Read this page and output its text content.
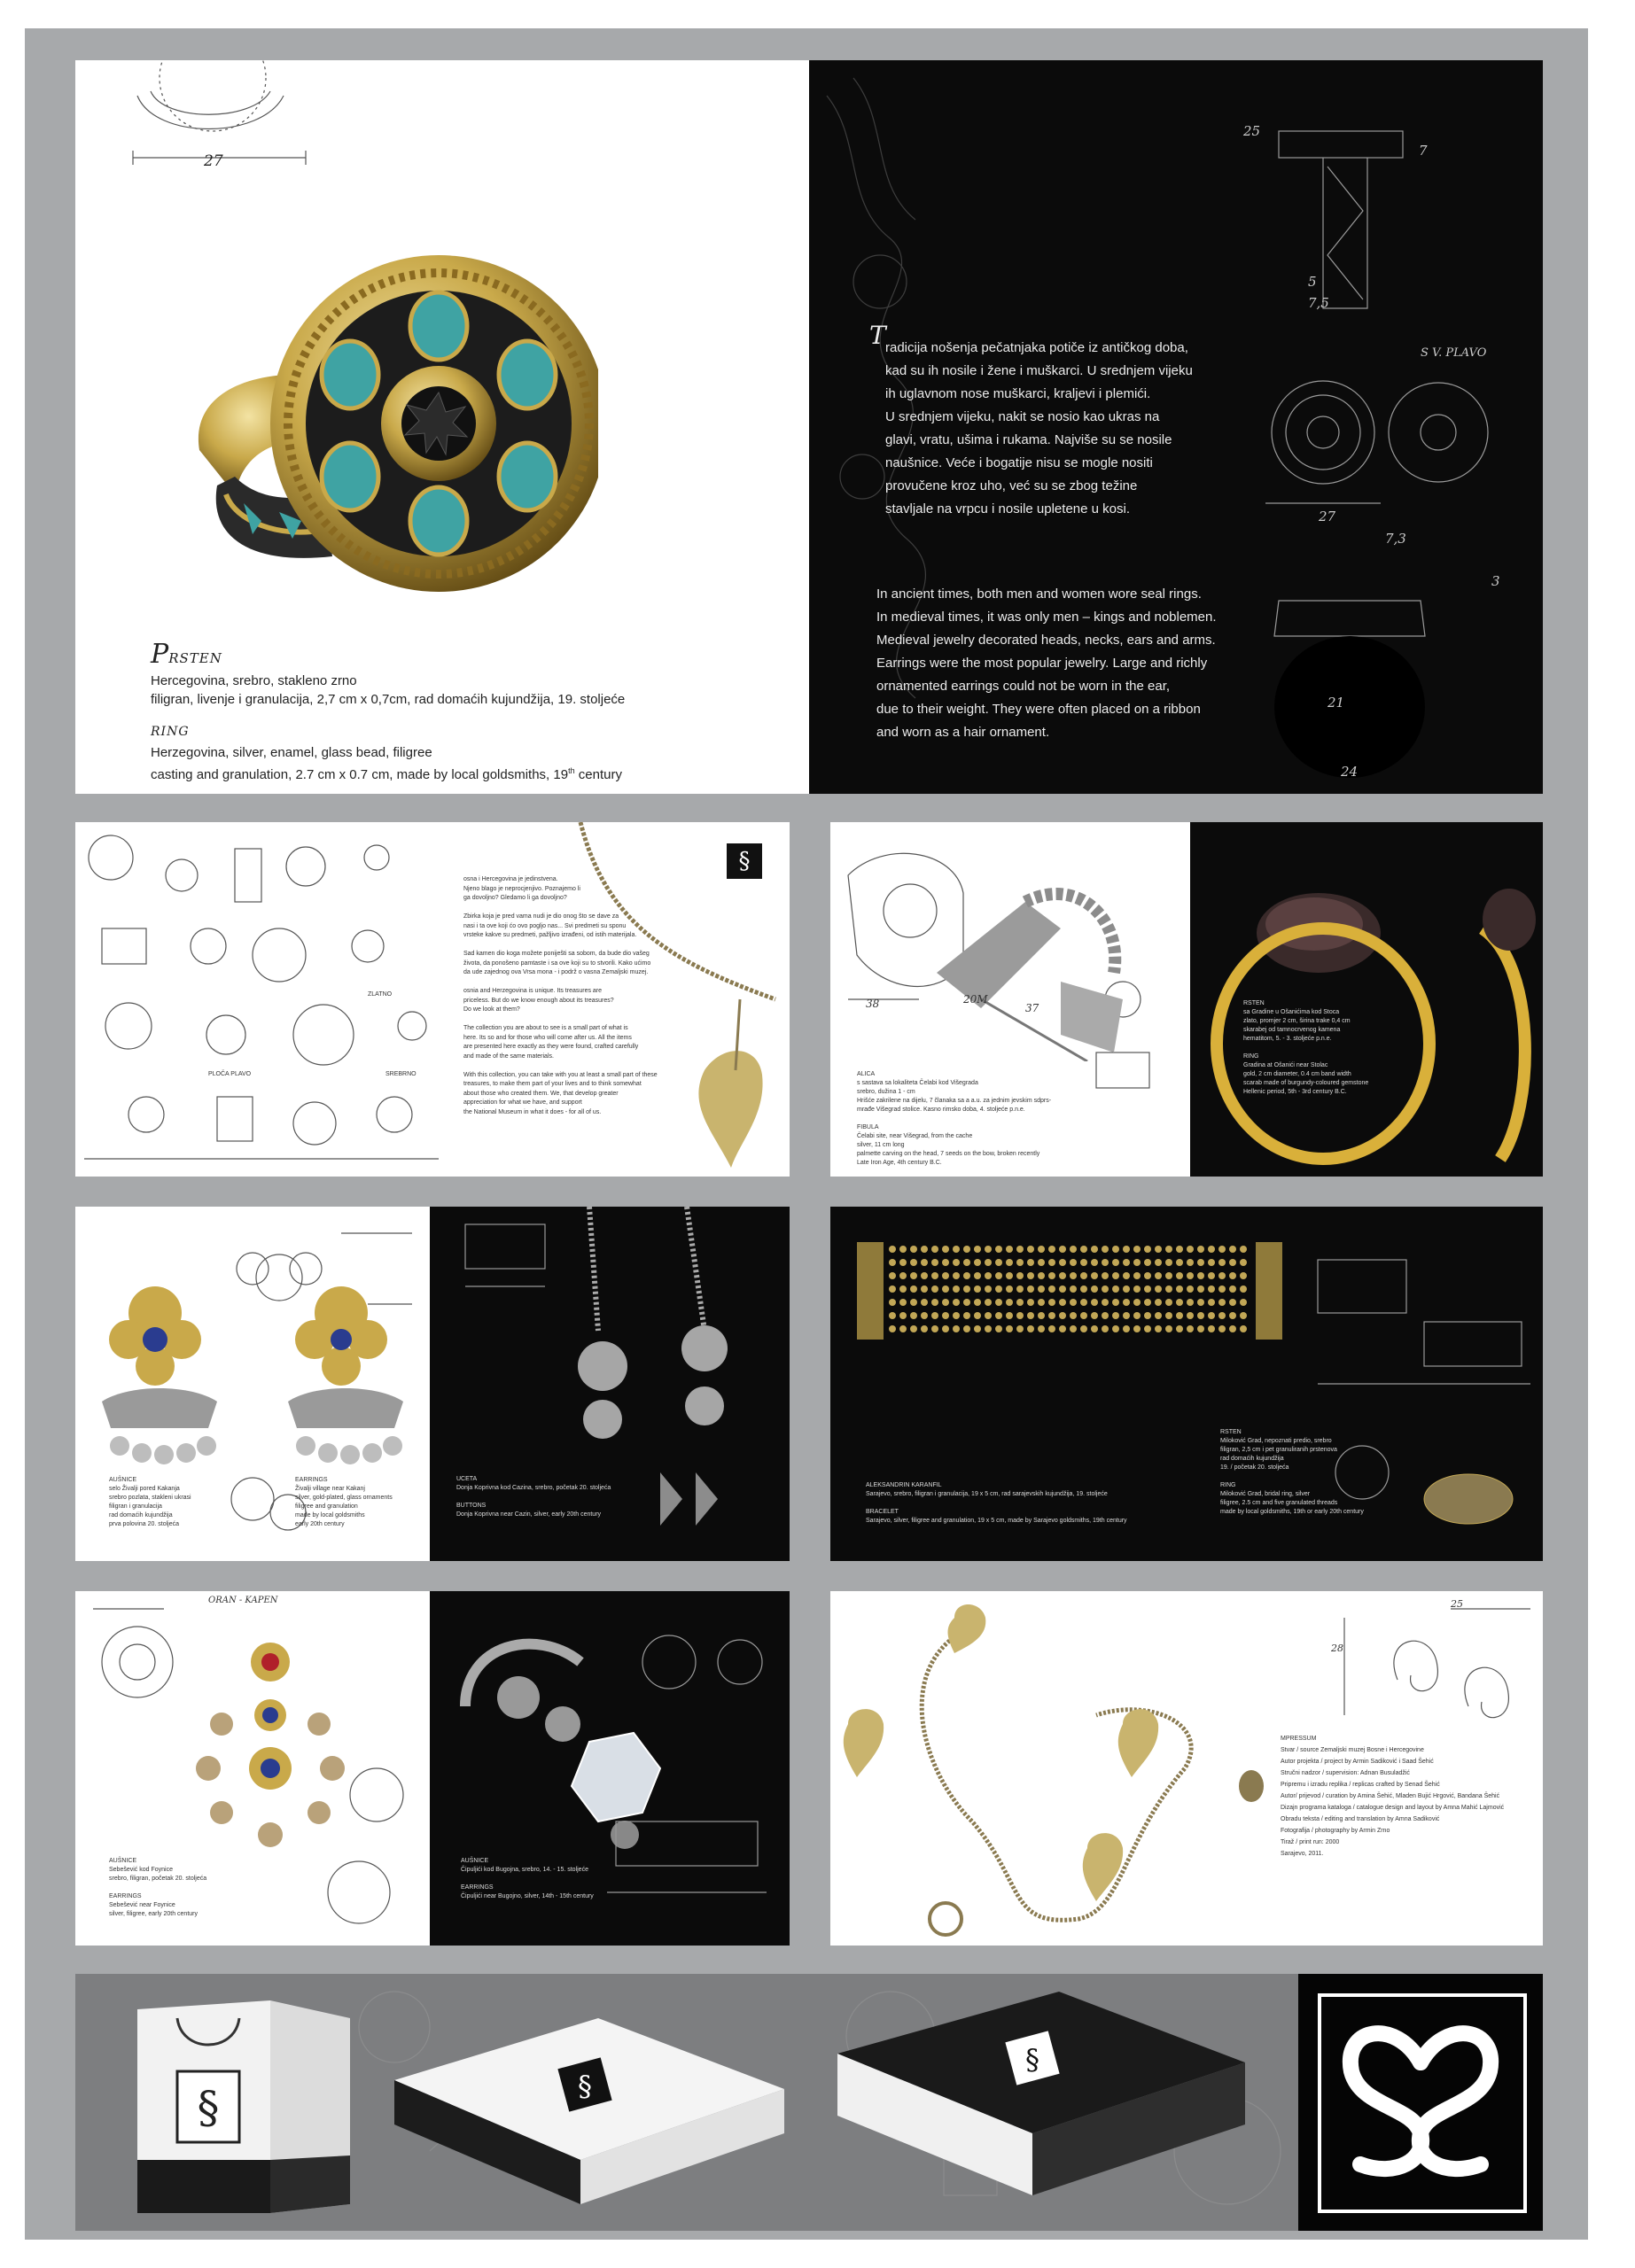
27
PRSTEN
Hercegovina, srebro, stakleno zrno
filigran, livenje i granulacija, 2,7 cm x 0,7cm, rad domaćih kujundžija, 19. stoljeće
RING
Herzegovina, silver, enamel, glass bead, filigree
casting and granulation, 2.7 cm x 0.7 cm, made by local goldsmiths, 19th century
T radicija nošenja pečatnjaka potiče iz antičkog doba,
kad su ih nosile i žene i muškarci. U srednjem vijeku
ih uglavnom nose muškarci, kraljevi i plemići.
U srednjem vijeku, nakit se nosio kao ukras na
glavi, vratu, ušima i rukama. Najviše su se nosile
naušnice. Veće i bogatije nisu se mogle nositi
provučene kroz uho, već su se zbog težine
stavljale na vrpcu i nosile upletene u kosi.
In ancient times, both men and women wore seal rings.
In medieval times, it was only men – kings and noblemen.
Medieval jewelry decorated heads, necks, ears and arms.
Earrings were the most popular jewelry. Large and richly
ornamented earrings could not be worn in the ear,
due to their weight. They were often placed on a ribbon
and worn as a hair ornament.
25
7
5
7,5
S V. PLAVO
27
7,3
3
21
24
PLOČA PLAVO
ZLATNO
SREBRNO
osna i Hercegovina je jedinstvena.
Njeno blago je neprocjenjivo. Poznajemo li
ga dovoljno? Gledamo li ga dovoljno?
Zbirka koja je pred vama nudi je dio onog što se dave za
nasi i ta ove koji ćo ovo pogljo nas... Svi predmeti su sponu
vrsteke kakve su predmeti, pažljivo izrađeni, od istih materijala.
Sad kamen dio koga možete poniješti sa sobom, da bude dio vašeg
života, da ponošeno pamtaste i sa ove koji su to stvorili. Kako ućimo
da ude zajednog ova Vrsa mona - i podrž o vasna Zemaljski muzej.
osnia and Herzegovina is unique. Its treasures are
priceless. But do we know enough about its treasures?
Do we look at them?
The collection you are about to see is a small part of what is
here. Its so and for those who will come after us. All the items
are presented here exactly as they were found, crafted carefully
and made of the same materials.
With this collection, you can take with you at least a small part of these
treasures, to make them part of your lives and to think somewhat
about those who created them. We, that develop greater
appreciation for what we have, and support
the National Museum in what it does - for all of us.
§
38	20M
37
ALICA
s sastava sa lokaliteta Čelabi kod Višegrada
srebro, dužina 1 - cm
Hrišće zakrilene na dijelu, 7 članaka sa a a.u. za jednim jevskim sdprs-
mrađe Višegrad stolice. Kasno rimsko doba, 4. stoljeće p.n.e.
FIBULA
Čelabi site, near Višegrad, from the cache
silver, 11 cm long
palmette carving on the head, 7 seeds on the bow, broken recently
Late Iron Age, 4th century B.C.
RSTEN
sa Gradine u Ošanićima kod Stoca
zlato, promjer 2 cm, širina trake 0,4 cm
skarabej od tamnocrvenog kamena
hematitom, 5. - 3. stoljeće p.n.e.
RING
Gradina at Ošanići near Stolac
gold, 2 cm diameter, 0.4 cm band width
scarab made of burgundy-coloured gemstone
Hellenic period, 5th - 3rd century B.C.
AUŠNICE
selo Živalji pored Kakanja
srebro pozlata, stakleni ukrasi
filigran i granulacija
rad domaćih kujundžija
prva polovina 20. stoljeća
EARRINGS
Živalji village near Kakanj
silver, gold-plated, glass ornaments
filigree and granulation
made by local goldsmiths
early 20th century
UCETA
Donja Koprivna kod Cazina, srebro, početak 20. stoljeća
BUTTONS
Donja Koprivna near Cazin, silver, early 20th century
ALEKSANDRIN KARANFIL
Sarajevo, srebro, filigran i granulacija, 19 x 5 cm, rad sarajevskih kujundžija, 19. stoljeće
BRACELET
Sarajevo, silver, filigree and granulation, 19 x 5 cm, made by Sarajevo goldsmiths, 19th century
RSTEN
Miloković Grad, nepoznati predio, srebro
filigran, 2,5 cm i pet granuliranih prstenova
rad domaćih kujundžija
19. / početak 20. stoljeća
RING
Miloković Grad, bridal ring, silver
filigree, 2.5 cm and five granulated threads
made by local goldsmiths, 19th or early 20th century
ORAN - KAPEN
AUŠNICE
Sebešević kod Foynice
srebro, filigran, početak 20. stoljeća
EARRINGS
Sebešević near Foynice
silver, filigree, early 20th century
AUŠNICE
Čipuljići kod Bugojna, srebro, 14. - 15. stoljeće
EARRINGS
Čipuljići near Bugojno, silver, 14th - 15th century
25
28
MPRESSUM
Stvar / source Zemaljski muzej Bosne i Hercegovine
Autor projekta / project by Armin Sadiković i Saad Šehić
Stručni nadzor / supervision: Adnan Busuladžić
Pripremu i izradu replika / replicas crafted by Senad Šehić
Autor/ prijevod / curation by Amina Šehić, Mladen Bujić Hrgović, Bandana Šehić
Dizajn programa kataloga / catalogue design and layout by Amna Mahić Lajmović
Obradu teksta / editing and translation by Amna Sadiković
Fotografija / photography by Armin Zrno
Tiraž / print run: 2000
Sarajevo, 2011.
§	§
§
